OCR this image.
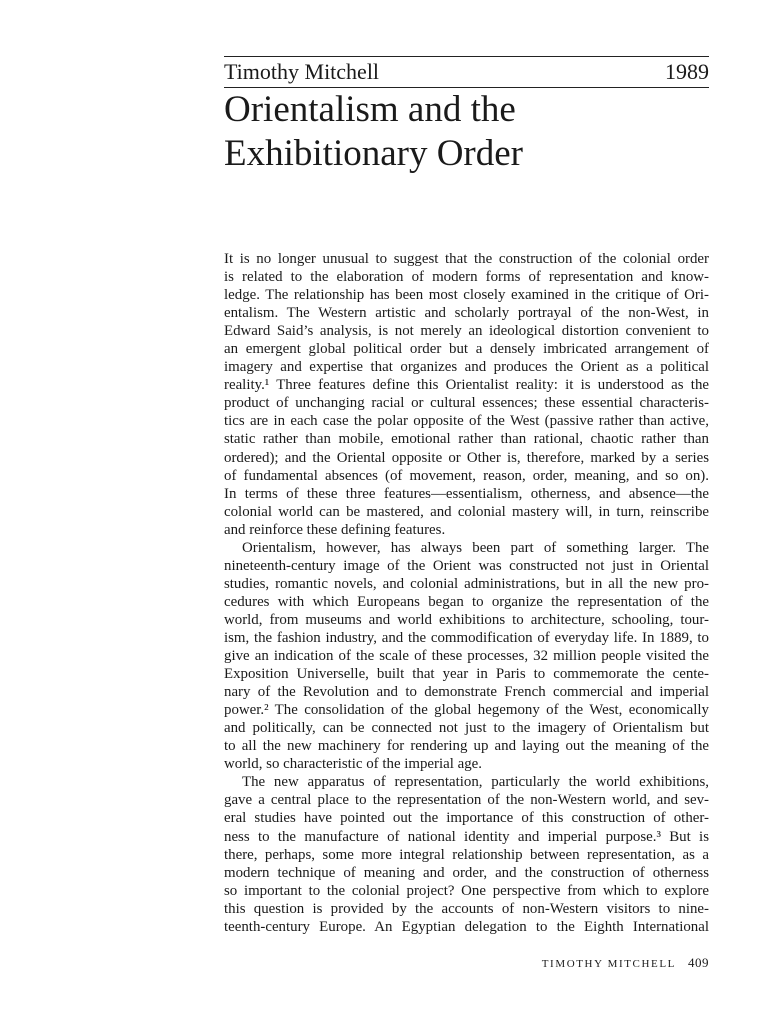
Timothy Mitchell	1989
Orientalism and the
Exhibitionary Order
It is no longer unusual to suggest that the construction of the colonial order
is related to the elaboration of modern forms of representation and know-
ledge. The relationship has been most closely examined in the critique of Ori-
entalism. The Western artistic and scholarly portrayal of the non-West, in
Edward Said’s analysis, is not merely an ideological distortion convenient to
an emergent global political order but a densely imbricated arrangement of
imagery and expertise that organizes and produces the Orient as a political
reality.¹ Three features define this Orientalist reality: it is understood as the
product of unchanging racial or cultural essences; these essential characteris-
tics are in each case the polar opposite of the West (passive rather than active,
static rather than mobile, emotional rather than rational, chaotic rather than
ordered); and the Oriental opposite or Other is, therefore, marked by a series
of fundamental absences (of movement, reason, order, meaning, and so on).
In terms of these three features—essentialism, otherness, and absence—the
colonial world can be mastered, and colonial mastery will, in turn, reinscribe
and reinforce these defining features.
Orientalism, however, has always been part of something larger. The
nineteenth-century image of the Orient was constructed not just in Oriental
studies, romantic novels, and colonial administrations, but in all the new pro-
cedures with which Europeans began to organize the representation of the
world, from museums and world exhibitions to architecture, schooling, tour-
ism, the fashion industry, and the commodification of everyday life. In 1889, to
give an indication of the scale of these processes, 32 million people visited the
Exposition Universelle, built that year in Paris to commemorate the cente-
nary of the Revolution and to demonstrate French commercial and imperial
power.² The consolidation of the global hegemony of the West, economically
and politically, can be connected not just to the imagery of Orientalism but
to all the new machinery for rendering up and laying out the meaning of the
world, so characteristic of the imperial age.
The new apparatus of representation, particularly the world exhibitions,
gave a central place to the representation of the non-Western world, and sev-
eral studies have pointed out the importance of this construction of other-
ness to the manufacture of national identity and imperial purpose.³ But is
there, perhaps, some more integral relationship between representation, as a
modern technique of meaning and order, and the construction of otherness
so important to the colonial project? One perspective from which to explore
this question is provided by the accounts of non-Western visitors to nine-
teenth-century Europe. An Egyptian delegation to the Eighth International
TIMOTHY MITCHELL 409
